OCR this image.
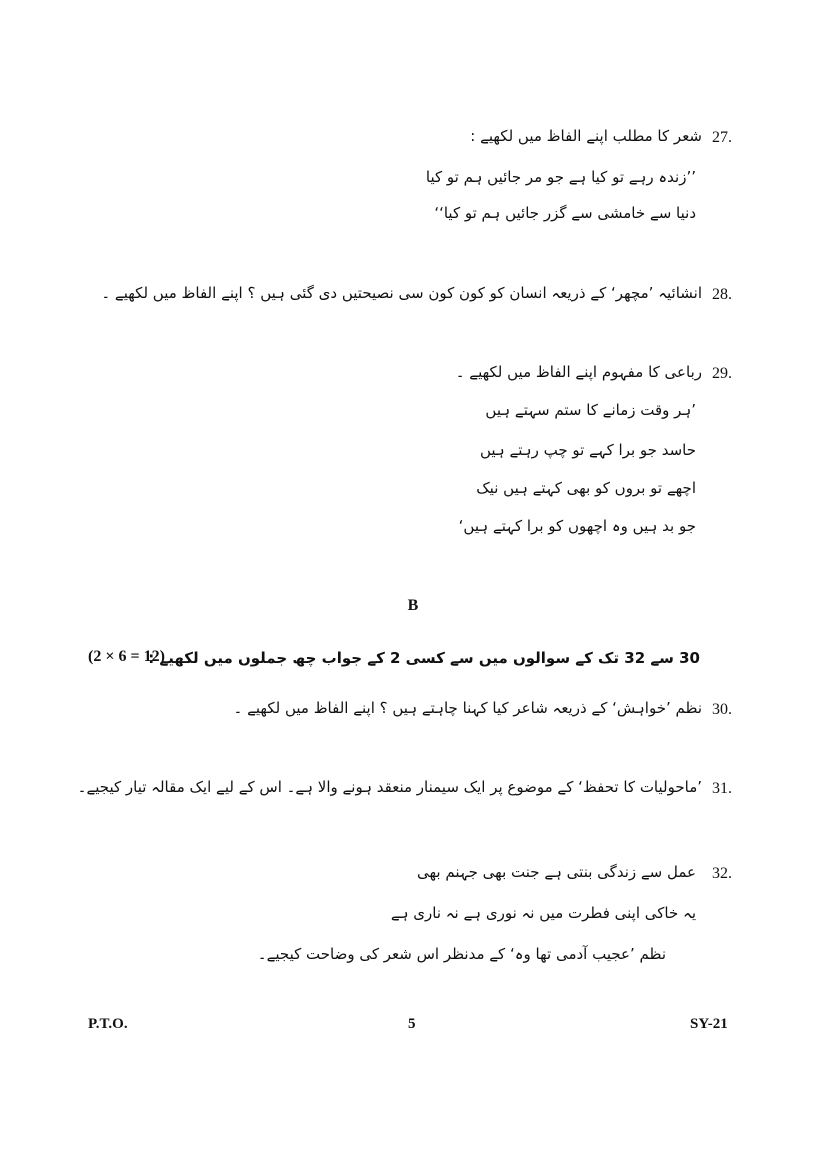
27.
شعر کا مطلب اپنے الفاظ میں لکھیے :
’’زندہ رہے تو کیا ہے جو مر جائیں ہم تو کیا
دنیا سے خامشی سے گزر جائیں ہم تو کیا‘‘
28.
انشائیہ ’مچھر‘ کے ذریعہ انسان کو کون کون سی نصیحتیں دی گئی ہیں ؟ اپنے الفاظ میں لکھیے ۔
29.
رباعی کا مفہوم اپنے الفاظ میں لکھیے ۔
’ہر وقت زمانے کا ستم سہتے ہیں
حاسد جو برا کہے تو چپ رہتے ہیں
اچھے تو بروں کو بھی کہتے ہیں نیک
جو بد ہیں وہ اچھوں کو برا کہتے ہیں‘
B
30 سے 32 تک کے سوالوں میں سے کسی 2 کے جواب چھ جملوں میں لکھیے :
(2 × 6 = 12)
30.
نظم ’خواہش‘ کے ذریعہ شاعر کیا کہنا چاہتے ہیں ؟ اپنے الفاظ میں لکھیے ۔
31.
’ماحولیات کا تحفظ‘ کے موضوع پر ایک سیمنار منعقد ہونے والا ہے۔ اس کے لیے ایک مقالہ تیار کیجیے۔
32.
عمل سے زندگی بنتی ہے جنت بھی جہنم بھی
یہ خاکی اپنی فطرت میں نہ نوری ہے نہ ناری ہے
نظم ’عجیب آدمی تھا وہ‘ کے مدنظر اس شعر کی وضاحت کیجیے۔
P.T.O.	5	SY-21
